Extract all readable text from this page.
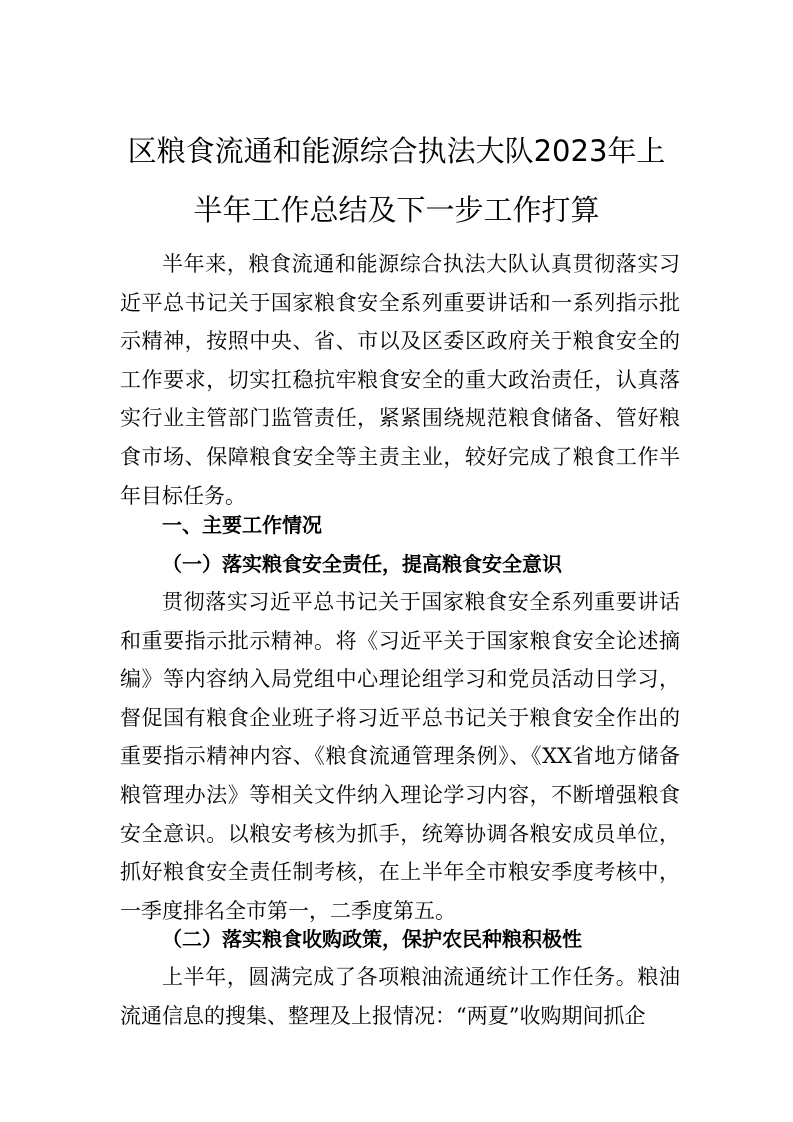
区粮食流通和能源综合执法大队2023年上
半年工作总结及下一步工作打算

半年来，粮食流通和能源综合执法大队认真贯彻落实习近平总书记关于国家粮食安全系列重要讲话和一系列指示批示精神，按照中央、省、市以及区委区政府关于粮食安全的工作要求，切实扛稳抗牢粮食安全的重大政治责任，认真落实行业主管部门监管责任，紧紧围绕规范粮食储备、管好粮食市场、保障粮食安全等主责主业，较好完成了粮食工作半年目标任务。

一、主要工作情况
（一）落实粮食安全责任，提高粮食安全意识

贯彻落实习近平总书记关于国家粮食安全系列重要讲话和重要指示批示精神。将《习近平关于国家粮食安全论述摘编》等内容纳入局党组中心理论组学习和党员活动日学习，督促国有粮食企业班子将习近平总书记关于粮食安全作出的重要指示精神内容、《粮食流通管理条例》、《XX省地方储备粮管理办法》等相关文件纳入理论学习内容，不断增强粮食安全意识。以粮安考核为抓手，统筹协调各粮安成员单位，抓好粮食安全责任制考核，在上半年全市粮安季度考核中，一季度排名全市第一，二季度第五。

（二）落实粮食收购政策，保护农民种粮积极性

上半年，圆满完成了各项粮油流通统计工作任务。粮油流通信息的搜集、整理及上报情况：“两夏”收购期间抓企
